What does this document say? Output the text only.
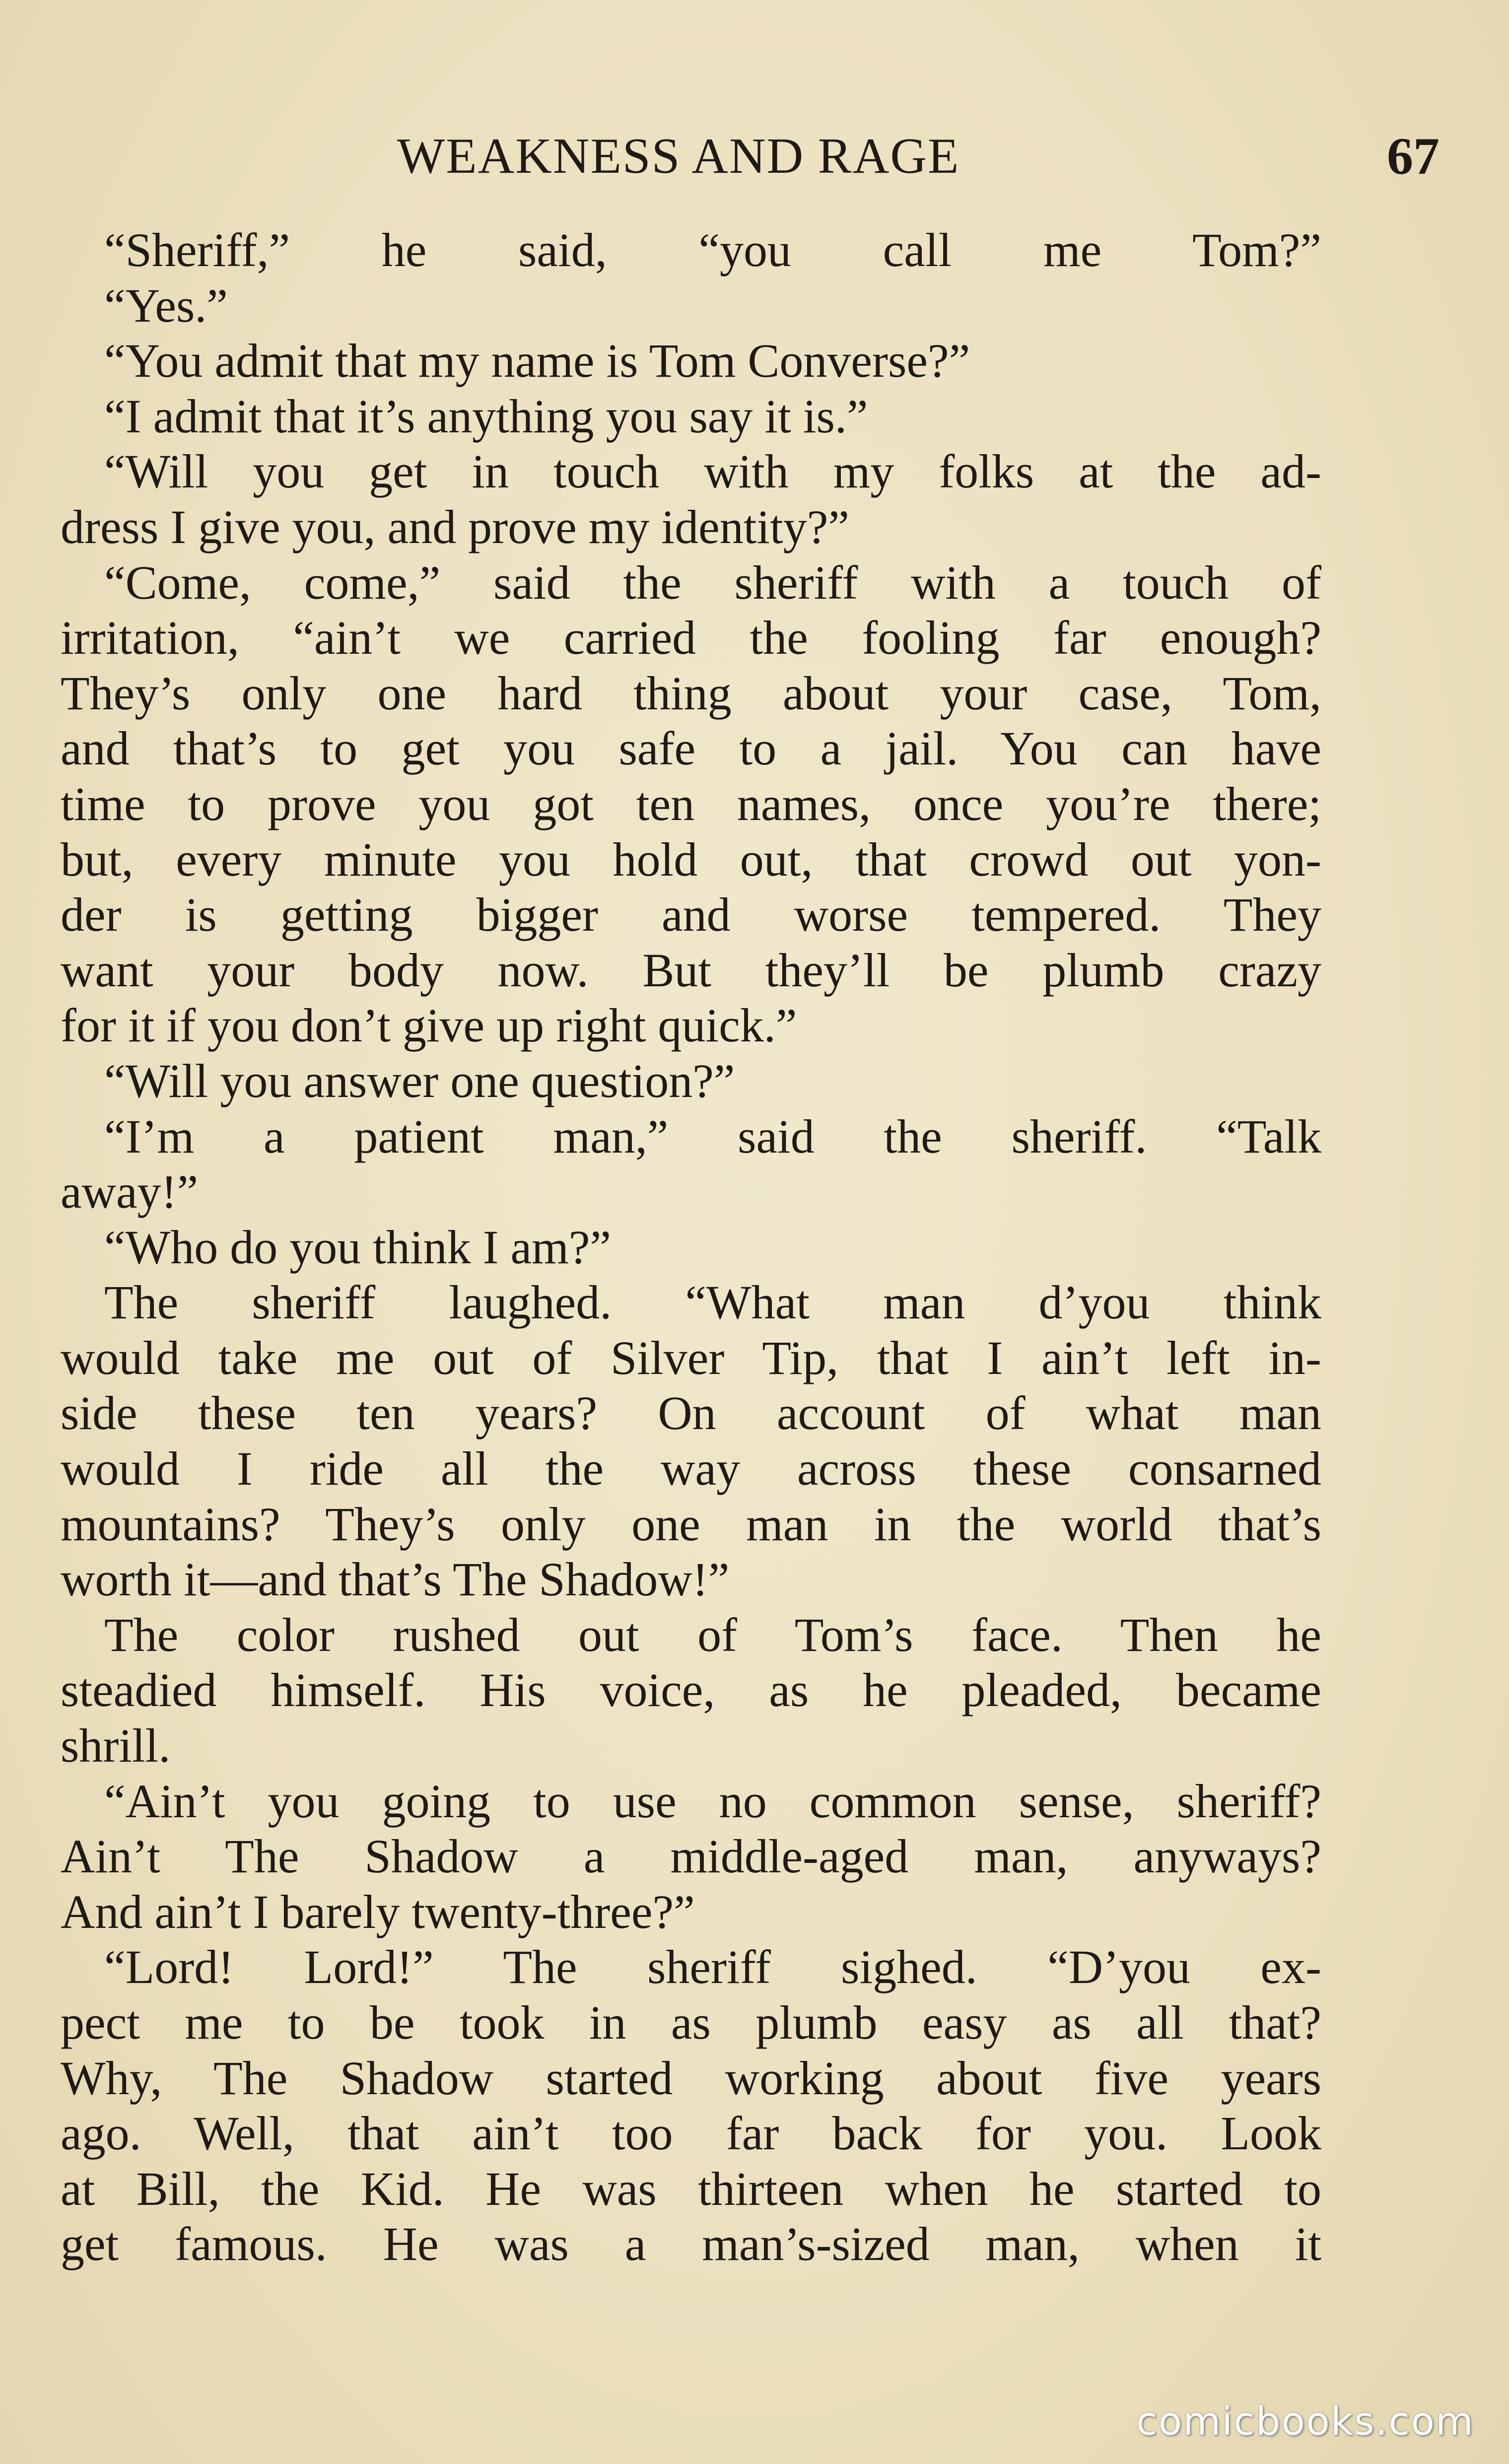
WEAKNESS AND RAGE	67
“Sheriff,” he said, “you call me Tom?”
“Yes.”
“You admit that my name is Tom Converse?”
“I admit that it’s anything you say it is.”
“Will you get in touch with my folks at the ad-
dress I give you, and prove my identity?”
“Come, come,” said the sheriff with a touch of
irritation, “ain’t we carried the fooling far enough?
They’s only one hard thing about your case, Tom,
and that’s to get you safe to a jail. You can have
time to prove you got ten names, once you’re there;
but, every minute you hold out, that crowd out yon-
der is getting bigger and worse tempered. They
want your body now. But they’ll be plumb crazy
for it if you don’t give up right quick.”
“Will you answer one question?”
“I’m a patient man,” said the sheriff. “Talk
away!”
“Who do you think I am?”
The sheriff laughed. “What man d’you think
would take me out of Silver Tip, that I ain’t left in-
side these ten years? On account of what man
would I ride all the way across these consarned
mountains? They’s only one man in the world that’s
worth it—and that’s The Shadow!”
The color rushed out of Tom’s face. Then he
steadied himself. His voice, as he pleaded, became
shrill.
“Ain’t you going to use no common sense, sheriff?
Ain’t The Shadow a middle-aged man, anyways?
And ain’t I barely twenty-three?”
“Lord! Lord!” The sheriff sighed. “D’you ex-
pect me to be took in as plumb easy as all that?
Why, The Shadow started working about five years
ago. Well, that ain’t too far back for you. Look
at Bill, the Kid. He was thirteen when he started to
get famous. He was a man’s-sized man, when it
comicbooks.com
